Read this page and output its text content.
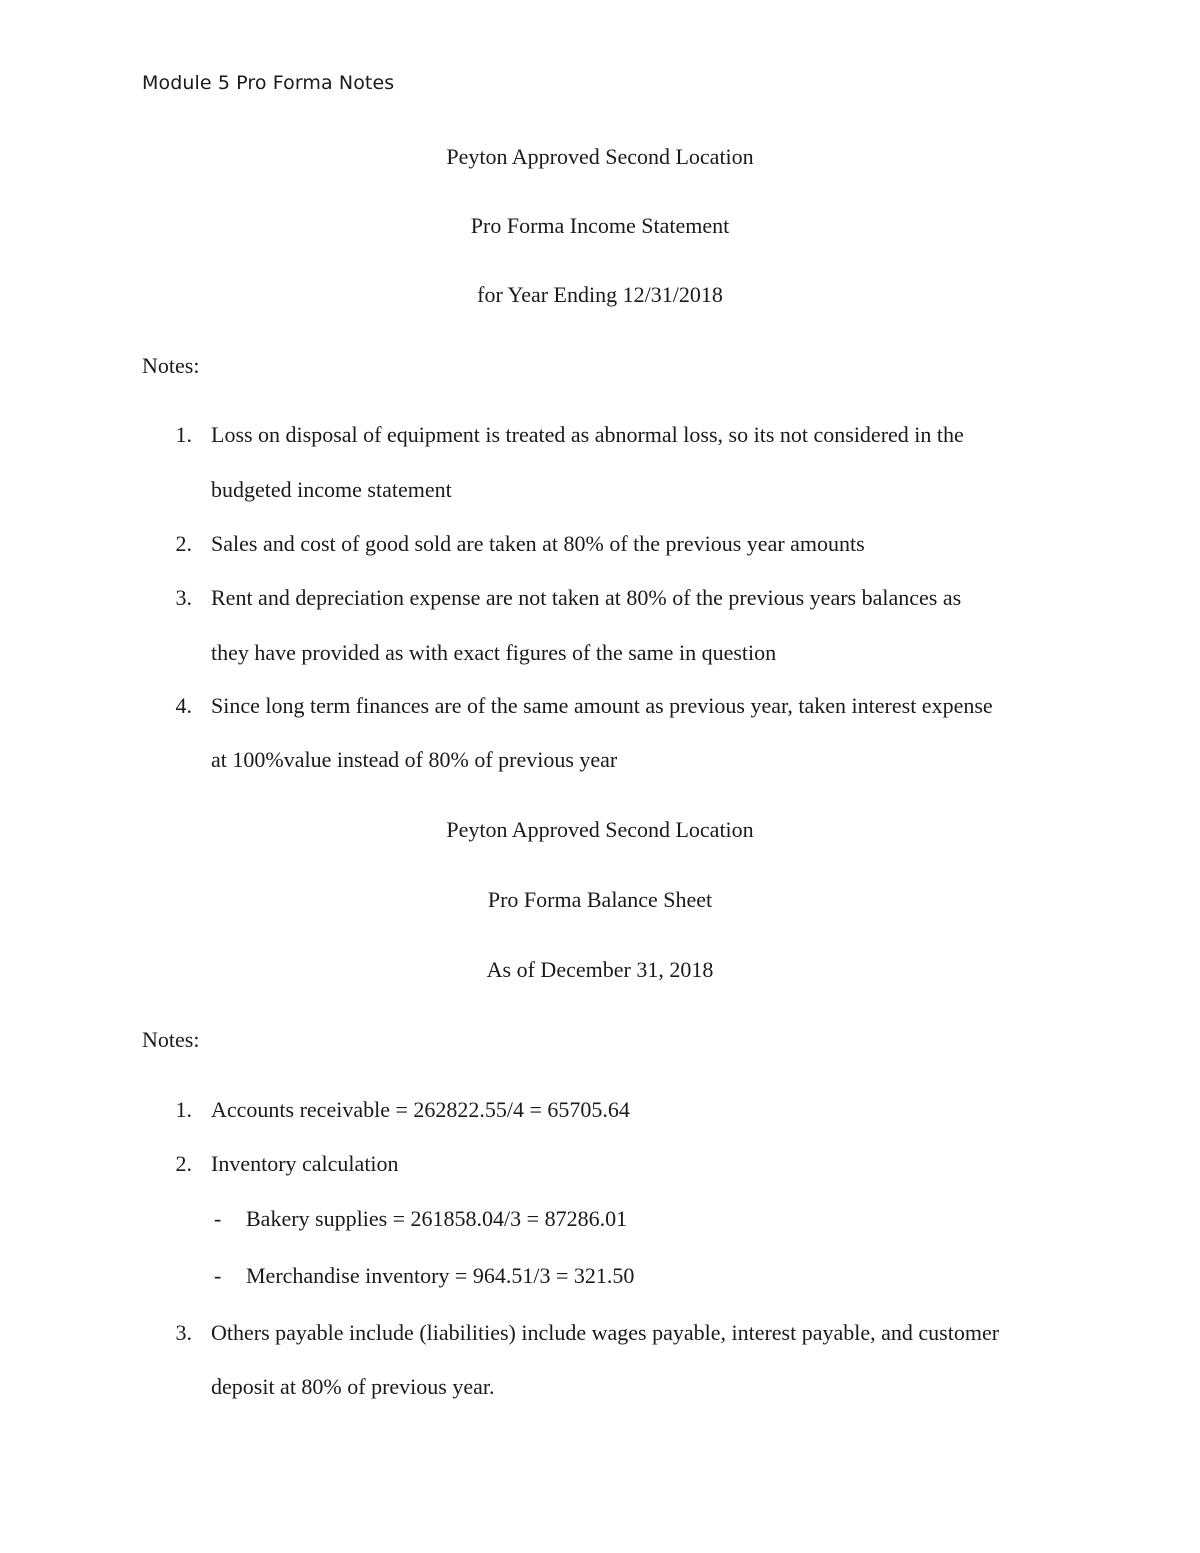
Module 5 Pro Forma Notes
Peyton Approved Second Location
Pro Forma Income Statement
for Year Ending 12/31/2018
Notes:
1. Loss on disposal of equipment is treated as abnormal loss, so its not considered in the
budgeted income statement
2. Sales and cost of good sold are taken at 80% of the previous year amounts
3. Rent and depreciation expense are not taken at 80% of the previous years balances as
they have provided as with exact figures of the same in question
4. Since long term finances are of the same amount as previous year, taken interest expense
at 100%value instead of 80% of previous year
Peyton Approved Second Location
Pro Forma Balance Sheet
As of December 31, 2018
Notes:
1. Accounts receivable = 262822.55/4 = 65705.64
2. Inventory calculation
- Bakery supplies = 261858.04/3 = 87286.01
- Merchandise inventory = 964.51/3 = 321.50
3. Others payable include (liabilities) include wages payable, interest payable, and customer
deposit at 80% of previous year.
